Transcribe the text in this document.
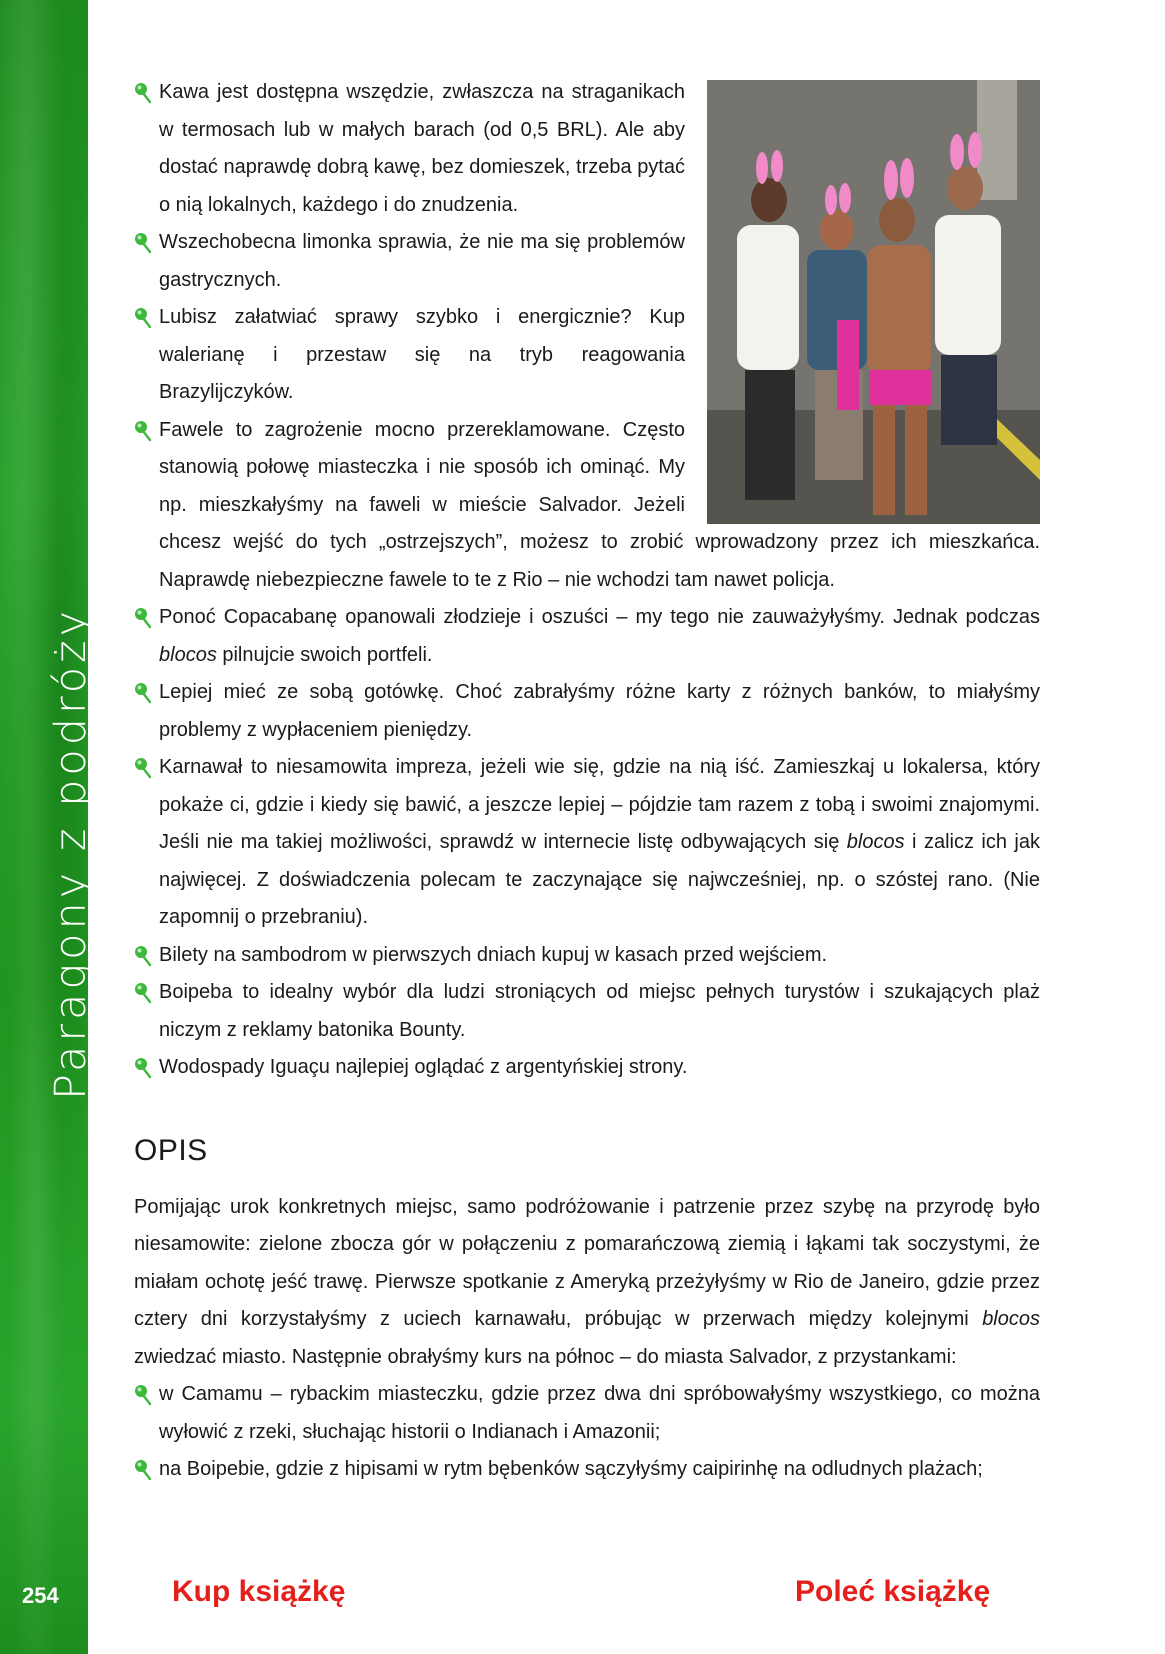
Paragony z podróży
254
Kawa jest dostępna wszędzie, zwłaszcza na straganikach w termosach lub w małych barach (od 0,5 BRL). Ale aby dostać naprawdę dobrą kawę, bez domieszek, trzeba pytać o nią lokalnych, każdego i do znudzenia.
Wszechobecna limonka sprawia, że nie ma się problemów gastrycznych.
Lubisz załatwiać sprawy szybko i energicznie? Kup walerianę i przestaw się na tryb reagowania Brazylijczyków.
Fawele to zagrożenie mocno przereklamowane. Często stanowią połowę miasteczka i nie sposób ich ominąć. My np. mieszkałyśmy na faweli w mieście Salvador. Jeżeli chcesz wejść do tych „ostrzejszych”, możesz to zrobić wprowadzony przez ich mieszkańca. Naprawdę niebezpieczne fawele to te z Rio – nie wchodzi tam nawet policja.
Ponoć Copacabanę opanowali złodzieje i oszuści – my tego nie zauważyłyśmy. Jednak podczas blocos pilnujcie swoich portfeli.
Lepiej mieć ze sobą gotówkę. Choć zabrałyśmy różne karty z różnych banków, to miałyśmy problemy z wypłaceniem pieniędzy.
Karnawał to niesamowita impreza, jeżeli wie się, gdzie na nią iść. Zamieszkaj u lokalersa, który pokaże ci, gdzie i kiedy się bawić, a jeszcze lepiej – pójdzie tam razem z tobą i swoimi znajomymi. Jeśli nie ma takiej możliwości, sprawdź w internecie listę odbywających się blocos i zalicz ich jak najwięcej. Z doświadczenia polecam te zaczynające się najwcześniej, np. o szóstej rano. (Nie zapomnij o przebraniu).
Bilety na sambodrom w pierwszych dniach kupuj w kasach przed wejściem.
Boipeba to idealny wybór dla ludzi stroniących od miejsc pełnych turystów i szukających plaż niczym z reklamy batonika Bounty.
Wodospady Iguaçu najlepiej oglądać z argentyńskiej strony.
OPIS

Pomijając urok konkretnych miejsc, samo podróżowanie i patrzenie przez szybę na przyrodę było niesamowite: zielone zbocza gór w połączeniu z pomarańczową ziemią i łąkami tak soczystymi, że miałam ochotę jeść trawę. Pierwsze spotkanie z Ameryką przeżyłyśmy w Rio de Janeiro, gdzie przez cztery dni korzystałyśmy z uciech karnawału, próbując w przerwach między kolejnymi blocos zwiedzać miasto. Następnie obrałyśmy kurs na północ – do miasta Salvador, z przystankami:

w Camamu – rybackim miasteczku, gdzie przez dwa dni spróbowałyśmy wszystkiego, co można wyłowić z rzeki, słuchając historii o Indianach i Amazonii;
na Boipebie, gdzie z hipisami w rytm bębenków sączyłyśmy caipirinhę na odludnych plażach;
Kup książkę	Poleć książkę
